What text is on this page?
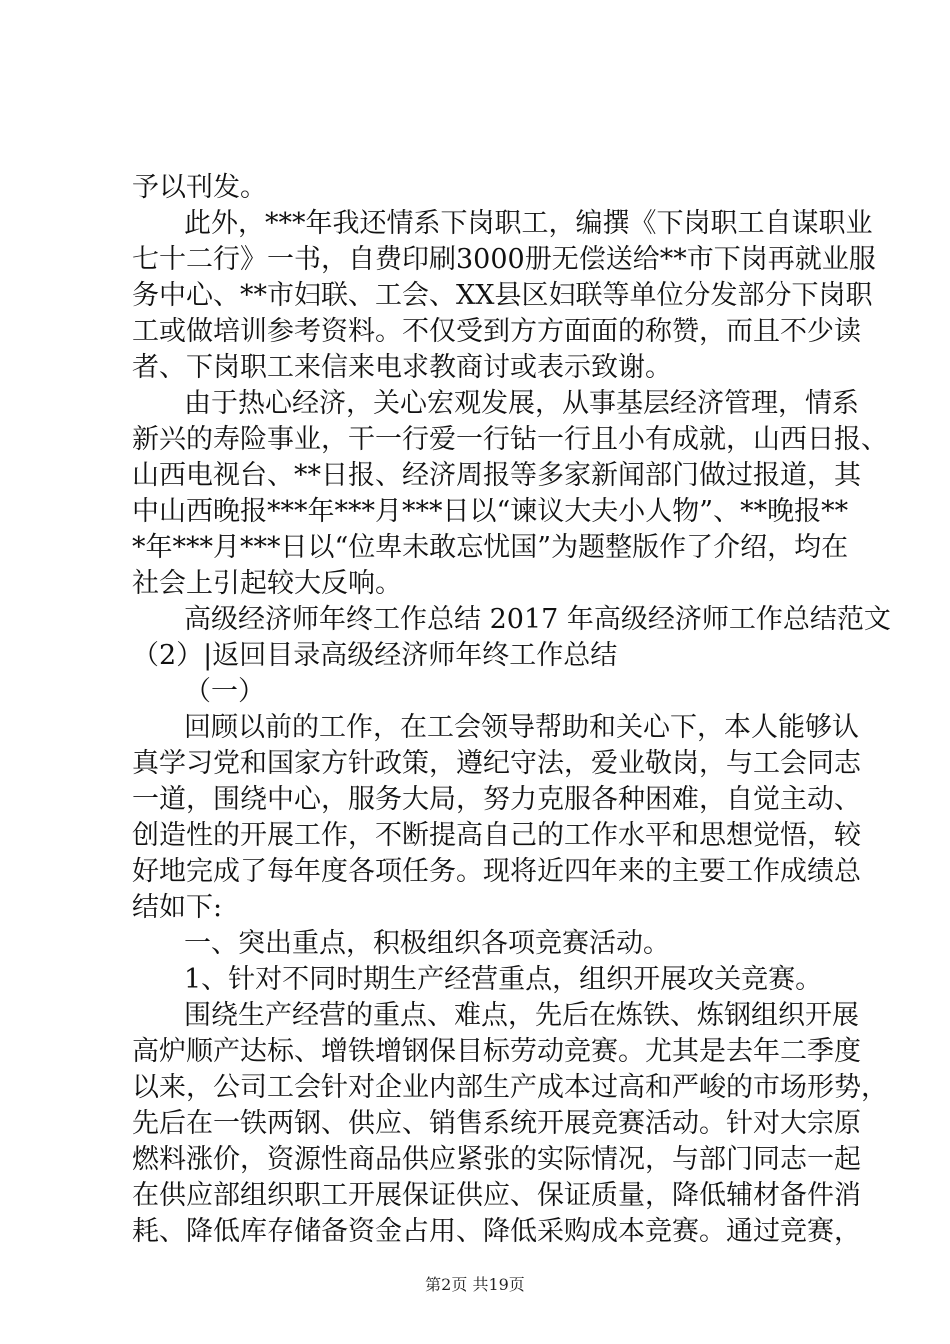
予以刊发。
此外，***年我还情系下岗职工，编撰《下岗职工自谋职业
七十二行》一书，自费印刷3000册无偿送给**市下岗再就业服
务中心、**市妇联、工会、XX县区妇联等单位分发部分下岗职
工或做培训参考资料。不仅受到方方面面的称赞，而且不少读
者、下岗职工来信来电求教商讨或表示致谢。
由于热心经济，关心宏观发展，从事基层经济管理，情系
新兴的寿险事业，干一行爱一行钻一行且小有成就，山西日报、
山西电视台、**日报、经济周报等多家新闻部门做过报道，其
中山西晚报***年***月***日以“谏议大夫小人物”、**晚报**
*年***月***日以“位卑未敢忘忧国”为题整版作了介绍，均在
社会上引起较大反响。
高级经济师年终工作总结 2017 年高级经济师工作总结范文
（2）|返回目录高级经济师年终工作总结
（一）
回顾以前的工作，在工会领导帮助和关心下，本人能够认
真学习党和国家方针政策，遵纪守法，爱业敬岗，与工会同志
一道，围绕中心，服务大局，努力克服各种困难，自觉主动、
创造性的开展工作，不断提高自己的工作水平和思想觉悟，较
好地完成了每年度各项任务。现将近四年来的主要工作成绩总
结如下:
一、突出重点，积极组织各项竞赛活动。
1、针对不同时期生产经营重点，组织开展攻关竞赛。
围绕生产经营的重点、难点，先后在炼铁、炼钢组织开展
高炉顺产达标、增铁增钢保目标劳动竞赛。尤其是去年二季度
以来，公司工会针对企业内部生产成本过高和严峻的市场形势，
先后在一铁两钢、供应、销售系统开展竞赛活动。针对大宗原
燃料涨价，资源性商品供应紧张的实际情况，与部门同志一起
在供应部组织职工开展保证供应、保证质量，降低辅材备件消
耗、降低库存储备资金占用、降低采购成本竞赛。通过竞赛，
第2页 共19页
